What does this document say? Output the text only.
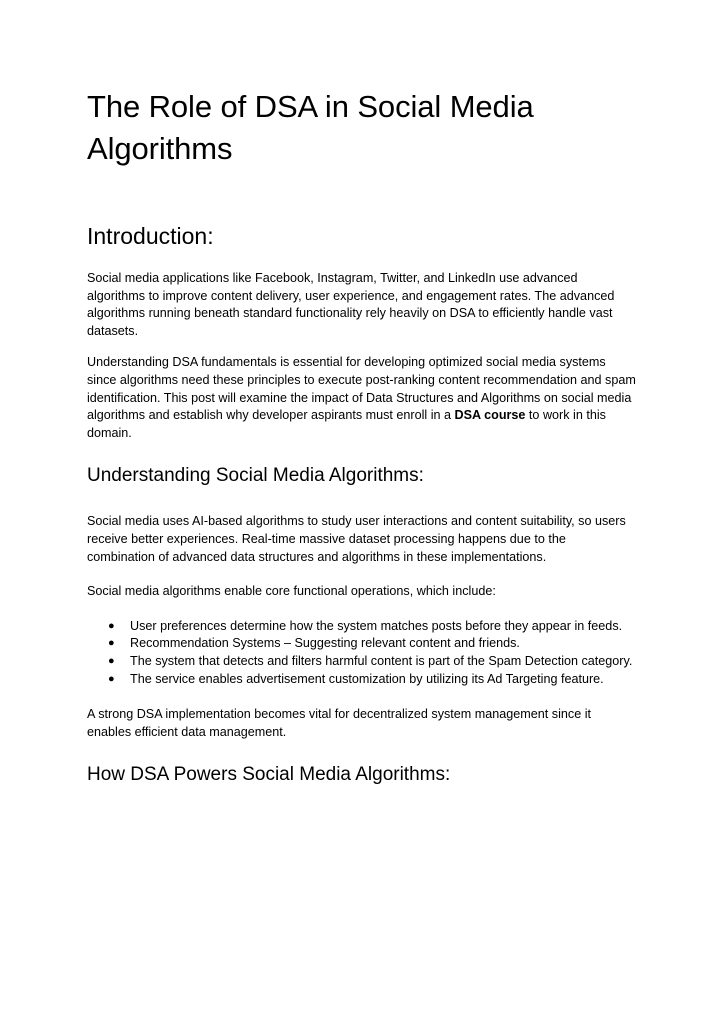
The Role of DSA in Social Media Algorithms
Introduction:

Social media applications like Facebook, Instagram, Twitter, and LinkedIn use advanced algorithms to improve content delivery, user experience, and engagement rates. The advanced algorithms running beneath standard functionality rely heavily on DSA to efficiently handle vast datasets.

Understanding DSA fundamentals is essential for developing optimized social media systems since algorithms need these principles to execute post-ranking content recommendation and spam identification. This post will examine the impact of Data Structures and Algorithms on social media algorithms and establish why developer aspirants must enroll in a DSA course to work in this domain.

Understanding Social Media Algorithms:

Social media uses AI-based algorithms to study user interactions and content suitability, so users receive better experiences. Real-time massive dataset processing happens due to the combination of advanced data structures and algorithms in these implementations.

Social media algorithms enable core functional operations, which include:

● User preferences determine how the system matches posts before they appear in feeds.
● Recommendation Systems – Suggesting relevant content and friends.
● The system that detects and filters harmful content is part of the Spam Detection category.
● The service enables advertisement customization by utilizing its Ad Targeting feature.

A strong DSA implementation becomes vital for decentralized system management since it enables efficient data management.

How DSA Powers Social Media Algorithms:
